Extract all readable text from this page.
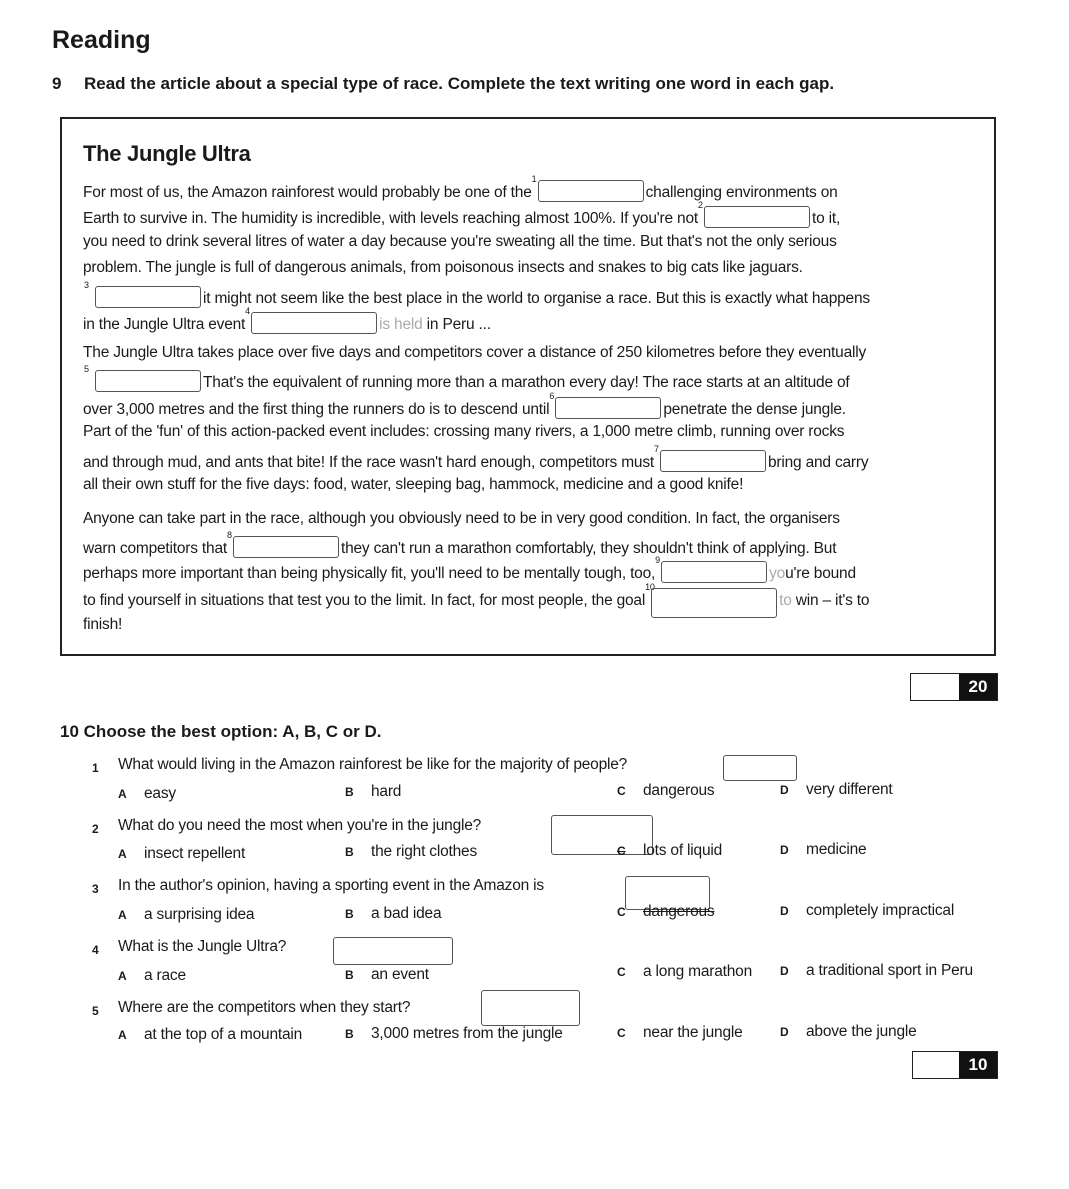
Reading
9 Read the article about a special type of race. Complete the text writing one word in each gap.
The Jungle Ultra
For most of us, the Amazon rainforest would probably be one of the
1
challenging environments on
Earth to survive in. The humidity is incredible, with levels reaching almost 100%. If you're not
2
to it,
you need to drink several litres of water a day because you're sweating all the time. But that's not the only serious
problem. The jungle is full of dangerous animals, from poisonous insects and snakes to big cats like jaguars.
3
it might not seem like the best place in the world to organise a race. But this is exactly what happens
in the Jungle Ultra event
4
is held in Peru ...
The Jungle Ultra takes place over five days and competitors cover a distance of 250 kilometres before they eventually
5
That's the equivalent of running more than a marathon every day! The race starts at an altitude of
over 3,000 metres and the first thing the runners do is to descend until
6
penetrate the dense jungle.
Part of the 'fun' of this action-packed event includes: crossing many rivers, a 1,000 metre climb, running over rocks
and through mud, and ants that bite! If the race wasn't hard enough, competitors must
7
bring and carry
all their own stuff for the five days: food, water, sleeping bag, hammock, medicine and a good knife!
Anyone can take part in the race, although you obviously need to be in very good condition. In fact, the organisers
warn competitors that
8
they can't run a marathon comfortably, they shouldn't think of applying. But
perhaps more important than being physically fit, you'll need to be mentally tough, too,
9
you're bound
to find yourself in situations that test you to the limit. In fact, for most people, the goal
10
to win – it's to
finish!
20
10 Choose the best option: A, B, C or D.
1 What would living in the Amazon rainforest be like for the majority of people?
A easy	B hard	C dangerous	D very different
2 What do you need the most when you're in the jungle?
A insect repellent	B the right clothes	C lots of liquid	D medicine
3 In the author's opinion, having a sporting event in the Amazon is
A a surprising idea	B a bad idea	C dangerous	D completely impractical
4 What is the Jungle Ultra?
A a race	B an event	C a long marathon D a traditional sport in Peru
5 Where are the competitors when they start?
A at the top of a mountain	B 3,000 metres from the jungle	C near the jungle	D above the jungle
10
